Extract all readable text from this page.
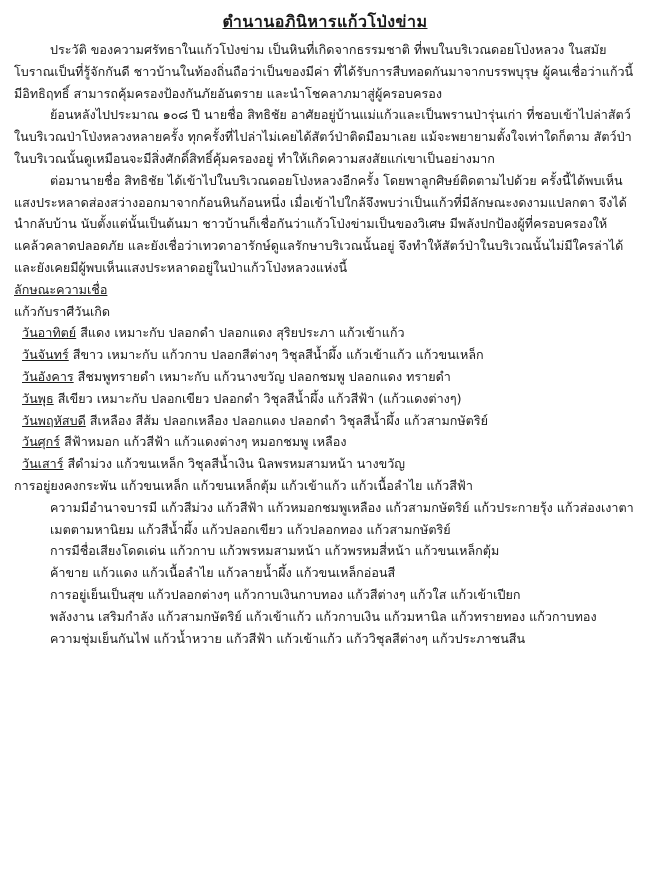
ตำนานอภินิหารแก้วโป่งข่าม

ประวัติ ของความศรัทธาในแก้วโป่งข่าม เป็นหินที่เกิดจากธรรมชาติ ที่พบในบริเวณดอยโป่งหลวง ในสมัยโบราณเป็นที่รู้จักกันดี ชาวบ้านในท้องถิ่นถือว่าเป็นของมีค่า ที่ได้รับการสืบทอดกันมาจากบรรพบุรุษ ผู้คนเชื่อว่าแก้วนี้มีอิทธิฤทธิ์ สามารถคุ้มครองป้องกันภัยอันตราย และนำโชคลาภมาสู่ผู้ครอบครอง

ย้อนหลังไปประมาณ ๑๐๘ ปี นายชื่อ สิทธิชัย อาศัยอยู่บ้านแม่แก้วและเป็นพรานป่ารุ่นเก่า ที่ชอบเข้าไปล่าสัตว์ในบริเวณป่าโป่งหลวงหลายครั้ง ทุกครั้งที่ไปล่าไม่เคยได้สัตว์ป่าติดมือมาเลย แม้จะพยายามตั้งใจเท่าใดก็ตาม สัตว์ป่าในบริเวณนั้นดูเหมือนจะมีสิ่งศักดิ์สิทธิ์คุ้มครองอยู่ ทำให้เกิดความสงสัยแก่เขาเป็นอย่างมาก

ต่อมานายชื่อ สิทธิชัย ได้เข้าไปในบริเวณดอยโป่งหลวงอีกครั้ง โดยพาลูกศิษย์ติดตามไปด้วย ครั้งนี้ได้พบเห็นแสงประหลาดส่องสว่างออกมาจากก้อนหินก้อนหนึ่ง เมื่อเข้าไปใกล้จึงพบว่าเป็นแก้วที่มีลักษณะงดงามแปลกตา จึงได้นำกลับบ้าน นับตั้งแต่นั้นเป็นต้นมา ชาวบ้านก็เชื่อกันว่าแก้วโป่งข่ามเป็นของวิเศษ มีพลังปกป้องผู้ที่ครอบครองให้แคล้วคลาดปลอดภัย และยังเชื่อว่าเทวดาอารักษ์ดูแลรักษาบริเวณนั้นอยู่ จึงทำให้สัตว์ป่าในบริเวณนั้นไม่มีใครล่าได้ และยังเคยมีผู้พบเห็นแสงประหลาดอยู่ในป่าแก้วโป่งหลวงแห่งนี้

ลักษณะความเชื่อ

แก้วกับราศีวันเกิด

วันอาทิตย์ สีแดง เหมาะกับ ปลอกดำ ปลอกแดง สุริยประภา แก้วเข้าแก้ว

วันจันทร์ สีขาว เหมาะกับ แก้วกาบ ปลอกสีต่างๆ วิชุลสีน้ำผึ้ง แก้วเข้าแก้ว แก้วขนเหล็ก

วันอังคาร สีชมพูทรายดำ เหมาะกับ แก้วนางขวัญ ปลอกชมพู ปลอกแดง ทรายดำ

วันพุธ สีเขียว เหมาะกับ ปลอกเขียว ปลอกดำ วิชุลสีน้ำผึ้ง แก้วสีฟ้า (แก้วแดงต่างๆ)

วันพฤหัสบดี สีเหลือง สีส้ม ปลอกเหลือง ปลอกแดง ปลอกดำ วิชุลสีน้ำผึ้ง แก้วสามกษัตริย์

วันศุกร์ สีฟ้าหมอก แก้วสีฟ้า แก้วแดงต่างๆ หมอกชมพู เหลือง

วันเสาร์ สีดำม่วง แก้วขนเหล็ก วิชุลสีน้ำเงิน นิลพรหมสามหน้า นางขวัญ

การอยู่ยงคงกระพัน แก้วขนเหล็ก แก้วขนเหล็กตุ้ม แก้วเข้าแก้ว แก้วเนื้อลำไย แก้วสีฟ้า

ความมีอำนาจบารมี แก้วสีม่วง แก้วสีฟ้า แก้วหมอกชมพูเหลือง แก้วสามกษัตริย์ แก้วประกายรุ้ง แก้วส่องเงาตา

เมตตามหานิยม แก้วสีน้ำผึ้ง แก้วปลอกเขียว แก้วปลอกทอง แก้วสามกษัตริย์

การมีชื่อเสียงโดดเด่น แก้วกาบ แก้วพรหมสามหน้า แก้วพรหมสี่หน้า แก้วขนเหล็กตุ้ม

ค้าขาย แก้วแดง แก้วเนื้อลำไย แก้วลายน้ำผึ้ง แก้วขนเหล็กอ่อนสี

การอยู่เย็นเป็นสุข แก้วปลอกต่างๆ แก้วกาบเงินกาบทอง แก้วสีต่างๆ แก้วใส แก้วเข้าเปียก

พลังงาน เสริมกำลัง แก้วสามกษัตริย์ แก้วเข้าแก้ว แก้วกาบเงิน แก้วมหานิล แก้วทรายทอง แก้วกาบทอง

ความชุ่มเย็นกันไฟ แก้วน้ำหวาย แก้วสีฟ้า แก้วเข้าแก้ว แก้ววิชุลสีต่างๆ แก้วประภาชนสีน
